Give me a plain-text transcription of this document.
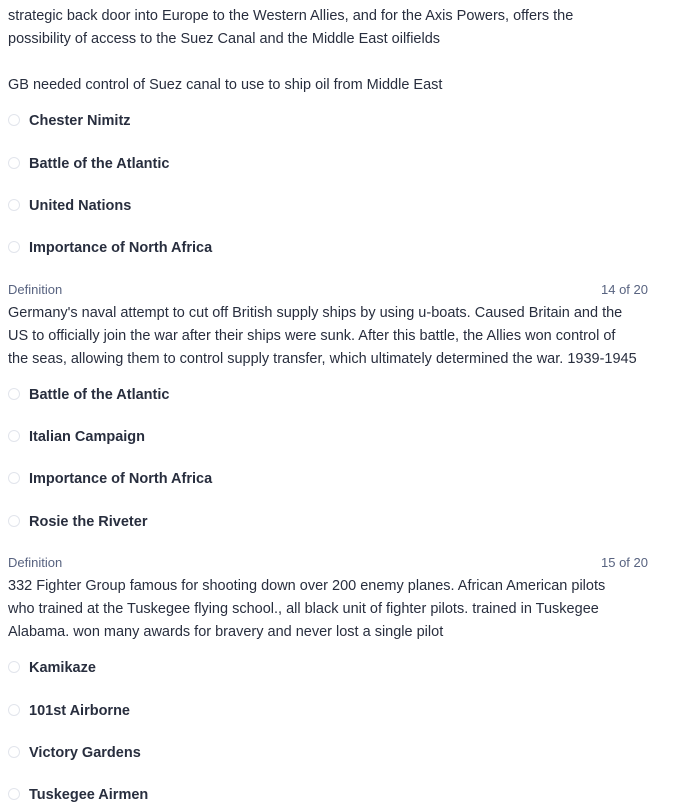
strategic back door into Europe to the Western Allies, and for the Axis Powers, offers the
possibility of access to the Suez Canal and the Middle East oilfields
GB needed control of Suez canal to use to ship oil from Middle East
Chester Nimitz
Battle of the Atlantic
United Nations
Importance of North Africa
Definition	14 of 20
Germany's naval attempt to cut off British supply ships by using u-boats. Caused Britain and the
US to officially join the war after their ships were sunk. After this battle, the Allies won control of
the seas, allowing them to control supply transfer, which ultimately determined the war. 1939-1945
Battle of the Atlantic
Italian Campaign
Importance of North Africa
Rosie the Riveter
Definition	15 of 20
332 Fighter Group famous for shooting down over 200 enemy planes. African American pilots
who trained at the Tuskegee flying school., all black unit of fighter pilots. trained in Tuskegee
Alabama. won many awards for bravery and never lost a single pilot
Kamikaze
101st Airborne
Victory Gardens
Tuskegee Airmen
